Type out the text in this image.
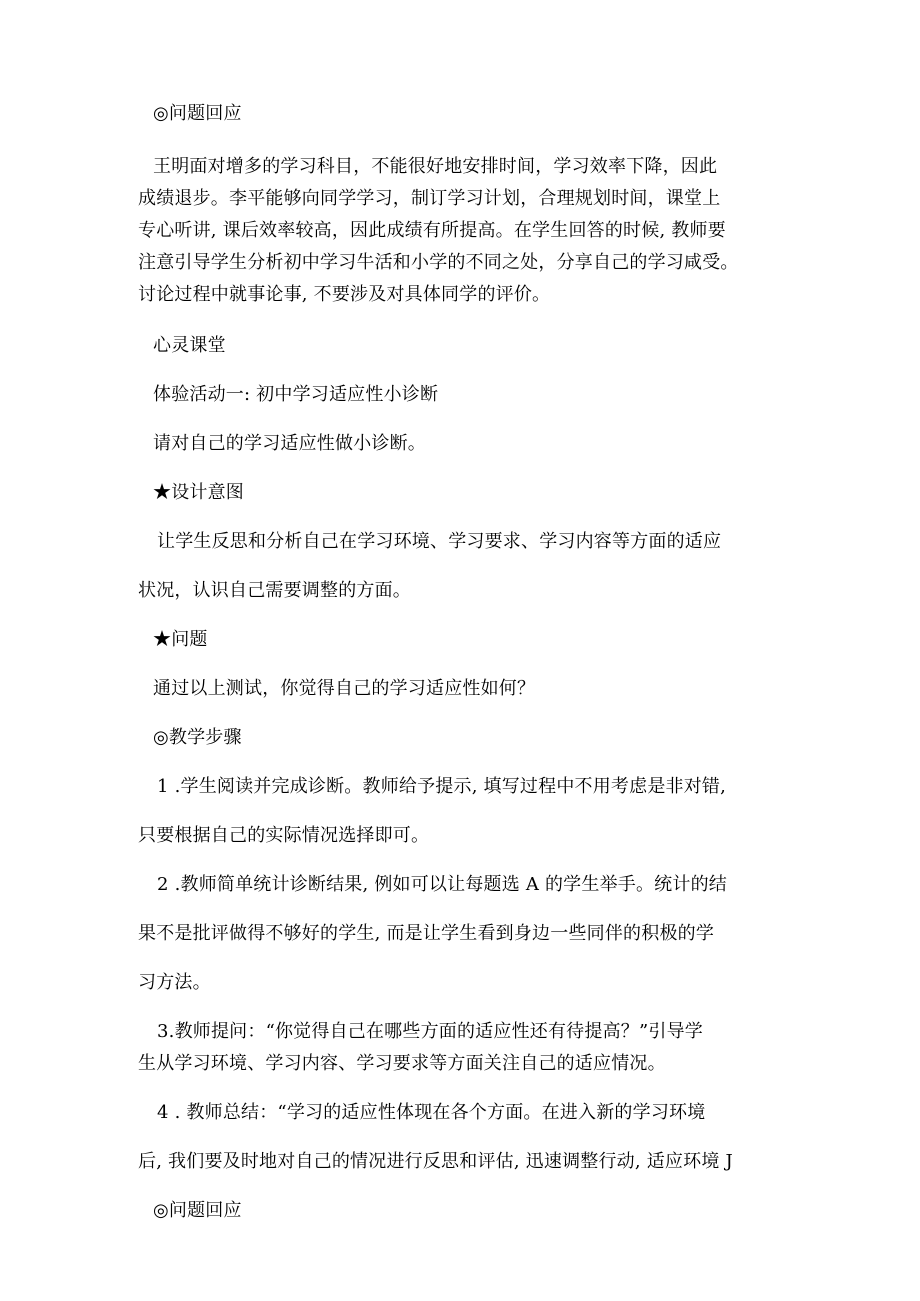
◎问题回应
王明面对增多的学习科目，不能很好地安排时间，学习效率下降，因此
成绩退步。李平能够向同学学习，制订学习计划，合理规划时间，课堂上
专心听讲, 课后效率较高，因此成绩有所提高。在学生回答的时候, 教师要
注意引导学生分析初中学习牛活和小学的不同之处，分享自己的学习咸受。
讨论过程中就事论事, 不要涉及对具体同学的评价。
心灵课堂
体验活动一: 初中学习适应性小诊断
请对自己的学习适应性做小诊断。
★设计意图
让学生反思和分析自己在学习环境、学习要求、学习内容等方面的适应
状况，认识自己需要调整的方面。
★问题
通过以上测试，你觉得自己的学习适应性如何？
◎教学步骤
1 .学生阅读并完成诊断。教师给予提示, 填写过程中不用考虑是非对错,
只要根据自己的实际情况选择即可。
2 .教师简单统计诊断结果, 例如可以让每题选 A 的学生举手。统计的结
果不是批评做得不够好的学生, 而是让学生看到身边一些同伴的积极的学
习方法。
3.教师提问：“你觉得自己在哪些方面的适应性还有待提高？”引导学
生从学习环境、学习内容、学习要求等方面关注自己的适应情况。
4 . 教师总结：“学习的适应性体现在各个方面。在进入新的学习环境
后, 我们要及时地对自己的情况进行反思和评估, 迅速调整行动, 适应环境 J
◎问题回应
